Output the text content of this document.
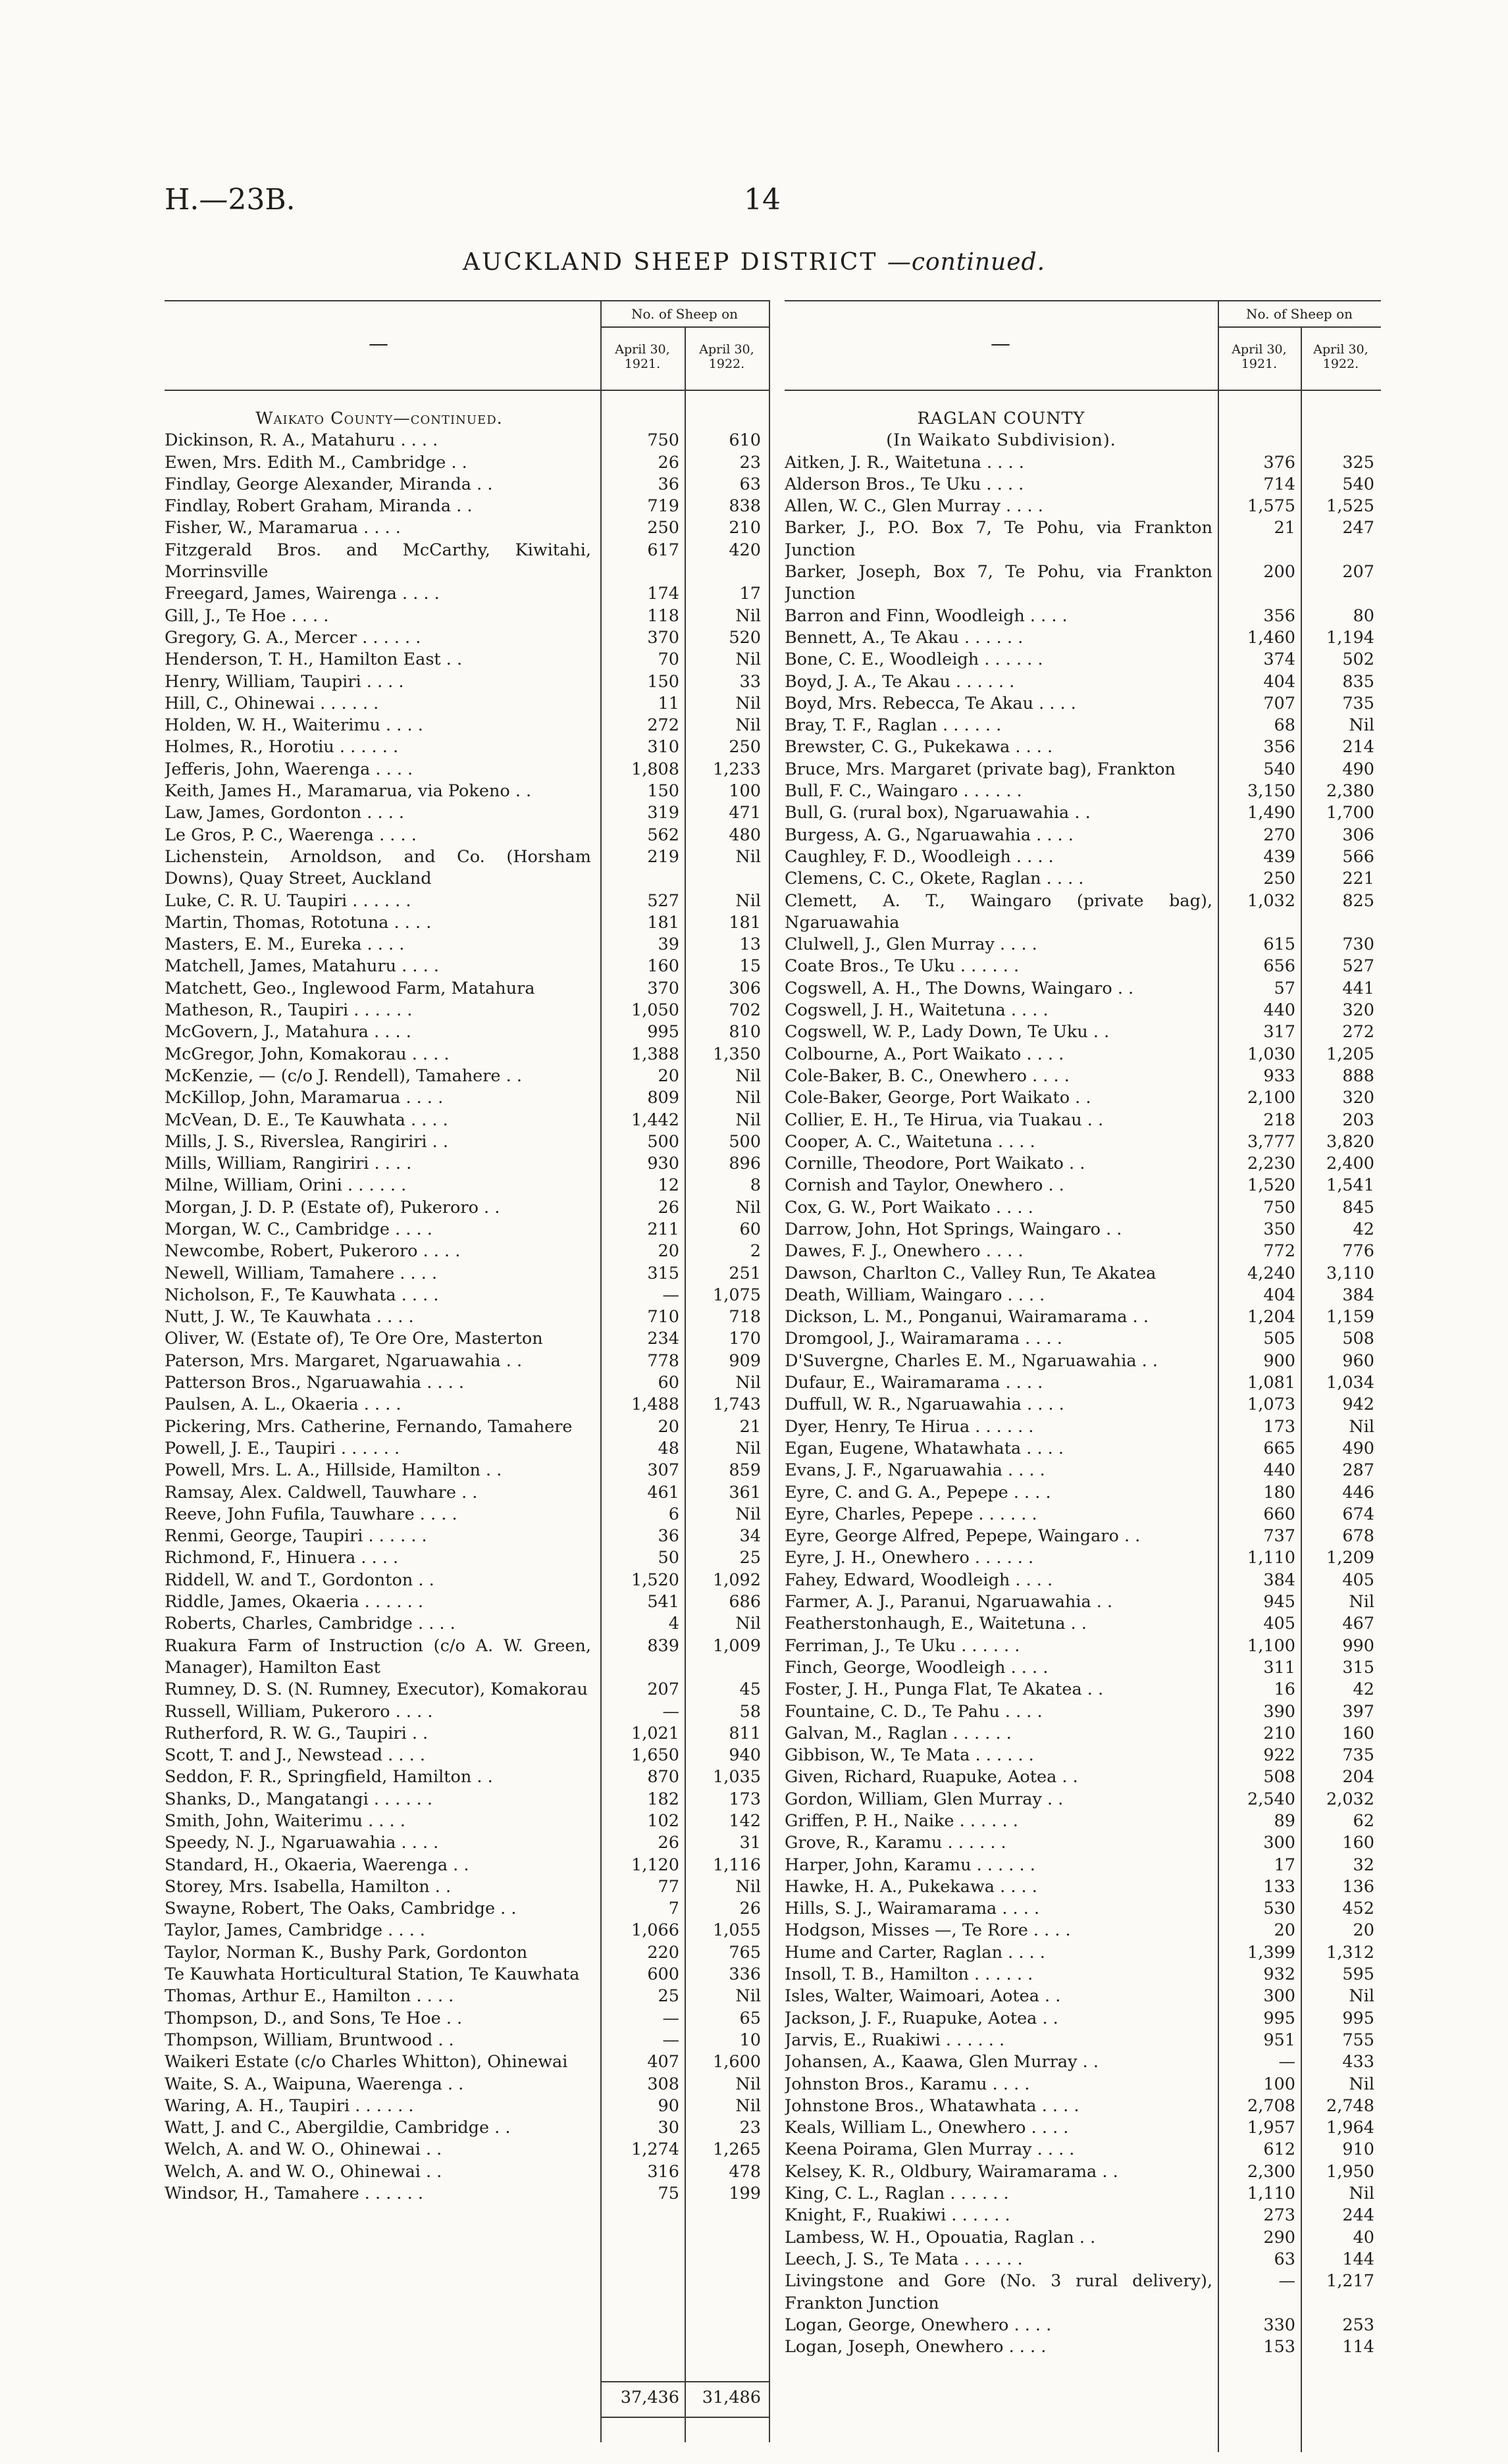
H.—23B.	14
AUCKLAND SHEEP DISTRICT —continued.
—
No. of Sheep on
April 30,
1921.
April 30,
1922.
—
No. of Sheep on
April 30,
1921.
April 30,
1922.
Waikato County—continued.
Dickinson, R. A., Matahuru . . . .	750	610
Ewen, Mrs. Edith M., Cambridge . .	26	23
Findlay, George Alexander, Miranda . .	36	63
Findlay, Robert Graham, Miranda . .	719	838
Fisher, W., Maramarua . . . .	250	210
Fitzgerald Bros. and McCarthy, Kiwitahi, Morrinsville
617	420
Freegard, James, Wairenga . . . .	174	17
Gill, J., Te Hoe . . . .	118	Nil
Gregory, G. A., Mercer . . . . . .	370	520
Henderson, T. H., Hamilton East . .	70	Nil
Henry, William, Taupiri . . . .	150	33
Hill, C., Ohinewai . . . . . .	11	Nil
Holden, W. H., Waiterimu . . . .	272	Nil
Holmes, R., Horotiu . . . . . .	310	250
Jefferis, John, Waerenga . . . .	1,808	1,233
Keith, James H., Maramarua, via Pokeno . .	150	100
Law, James, Gordonton . . . .	319	471
Le Gros, P. C., Waerenga . . . .	562	480
Lichenstein, Arnoldson, and Co. (Horsham Downs), Quay Street, Auckland
219	Nil
Luke, C. R. U. Taupiri . . . . . .	527	Nil
Martin, Thomas, Rototuna . . . .	181	181
Masters, E. M., Eureka . . . .	39	13
Matchell, James, Matahuru . . . .	160	15
Matchett, Geo., Inglewood Farm, Matahura	370	306
Matheson, R., Taupiri . . . . . .	1,050	702
McGovern, J., Matahura . . . .	995	810
McGregor, John, Komakorau . . . .	1,388	1,350
McKenzie, — (c/o J. Rendell), Tamahere . .	20	Nil
McKillop, John, Maramarua . . . .	809	Nil
McVean, D. E., Te Kauwhata . . . .	1,442	Nil
Mills, J. S., Riverslea, Rangiriri . .	500	500
Mills, William, Rangiriri . . . .	930	896
Milne, William, Orini . . . . . .	12	8
Morgan, J. D. P. (Estate of), Pukeroro . .	26	Nil
Morgan, W. C., Cambridge . . . .	211	60
Newcombe, Robert, Pukeroro . . . .	20	2
Newell, William, Tamahere . . . .	315	251
Nicholson, F., Te Kauwhata . . . .	—	1,075
Nutt, J. W., Te Kauwhata . . . .	710	718
Oliver, W. (Estate of), Te Ore Ore, Masterton	234	170
Paterson, Mrs. Margaret, Ngaruawahia . .	778	909
Patterson Bros., Ngaruawahia . . . .	60	Nil
Paulsen, A. L., Okaeria . . . .	1,488	1,743
Pickering, Mrs. Catherine, Fernando, Tamahere	20	21
Powell, J. E., Taupiri . . . . . .	48	Nil
Powell, Mrs. L. A., Hillside, Hamilton . .	307	859
Ramsay, Alex. Caldwell, Tauwhare . .	461	361
Reeve, John Fufila, Tauwhare . . . .	6	Nil
Renmi, George, Taupiri . . . . . .	36	34
Richmond, F., Hinuera . . . .	50	25
Riddell, W. and T., Gordonton . .	1,520	1,092
Riddle, James, Okaeria . . . . . .	541	686
Roberts, Charles, Cambridge . . . .	4	Nil
Ruakura Farm of Instruction (c/o A. W. Green, Manager), Hamilton East
839	1,009
Rumney, D. S. (N. Rumney, Executor), Komakorau	207	45
Russell, William, Pukeroro . . . .	—	58
Rutherford, R. W. G., Taupiri . .	1,021	811
Scott, T. and J., Newstead . . . .	1,650	940
Seddon, F. R., Springfield, Hamilton . .	870	1,035
Shanks, D., Mangatangi . . . . . .	182	173
Smith, John, Waiterimu . . . .	102	142
Speedy, N. J., Ngaruawahia . . . .	26	31
Standard, H., Okaeria, Waerenga . .	1,120	1,116
Storey, Mrs. Isabella, Hamilton . .	77	Nil
Swayne, Robert, The Oaks, Cambridge . .	7	26
Taylor, James, Cambridge . . . .	1,066	1,055
Taylor, Norman K., Bushy Park, Gordonton	220	765
Te Kauwhata Horticultural Station, Te Kauwhata	600	336
Thomas, Arthur E., Hamilton . . . .	25	Nil
Thompson, D., and Sons, Te Hoe . .	—	65
Thompson, William, Bruntwood . .	—	10
Waikeri Estate (c/o Charles Whitton), Ohinewai	407	1,600
Waite, S. A., Waipuna, Waerenga . .	308	Nil
Waring, A. H., Taupiri . . . . . .	90	Nil
Watt, J. and C., Abergildie, Cambridge . .	30	23
Welch, A. and W. O., Ohinewai . .	1,274	1,265
Welch, A. and W. O., Ohinewai . .	316	478
Windsor, H., Tamahere . . . . . .	75	199
37,436	31,486
RAGLAN COUNTY
(In Waikato Subdivision).
Aitken, J. R., Waitetuna . . . .	376	325
Alderson Bros., Te Uku . . . .	714	540
Allen, W. C., Glen Murray . . . .	1,575	1,525
Barker, J., P.O. Box 7, Te Pohu, via Frankton Junction
21	247
Barker, Joseph, Box 7, Te Pohu, via Frankton Junction
200	207
Barron and Finn, Woodleigh . . . .	356	80
Bennett, A., Te Akau . . . . . .	1,460	1,194
Bone, C. E., Woodleigh . . . . . .	374	502
Boyd, J. A., Te Akau . . . . . .	404	835
Boyd, Mrs. Rebecca, Te Akau . . . .	707	735
Bray, T. F., Raglan . . . . . .	68	Nil
Brewster, C. G., Pukekawa . . . .	356	214
Bruce, Mrs. Margaret (private bag), Frankton	540	490
Bull, F. C., Waingaro . . . . . .	3,150	2,380
Bull, G. (rural box), Ngaruawahia . .	1,490	1,700
Burgess, A. G., Ngaruawahia . . . .	270	306
Caughley, F. D., Woodleigh . . . .	439	566
Clemens, C. C., Okete, Raglan . . . .	250	221
Clemett, A. T., Waingaro (private bag), Ngaruawahia
1,032	825
Clulwell, J., Glen Murray . . . .	615	730
Coate Bros., Te Uku . . . . . .	656	527
Cogswell, A. H., The Downs, Waingaro . .	57	441
Cogswell, J. H., Waitetuna . . . .	440	320
Cogswell, W. P., Lady Down, Te Uku . .	317	272
Colbourne, A., Port Waikato . . . .	1,030	1,205
Cole-Baker, B. C., Onewhero . . . .	933	888
Cole-Baker, George, Port Waikato . .	2,100	320
Collier, E. H., Te Hirua, via Tuakau . .	218	203
Cooper, A. C., Waitetuna . . . .	3,777	3,820
Cornille, Theodore, Port Waikato . .	2,230	2,400
Cornish and Taylor, Onewhero . .	1,520	1,541
Cox, G. W., Port Waikato . . . .	750	845
Darrow, John, Hot Springs, Waingaro . .	350	42
Dawes, F. J., Onewhero . . . .	772	776
Dawson, Charlton C., Valley Run, Te Akatea	4,240	3,110
Death, William, Waingaro . . . .	404	384
Dickson, L. M., Ponganui, Wairamarama . .	1,204	1,159
Dromgool, J., Wairamarama . . . .	505	508
D'Suvergne, Charles E. M., Ngaruawahia . .	900	960
Dufaur, E., Wairamarama . . . .	1,081	1,034
Duffull, W. R., Ngaruawahia . . . .	1,073	942
Dyer, Henry, Te Hirua . . . . . .	173	Nil
Egan, Eugene, Whatawhata . . . .	665	490
Evans, J. F., Ngaruawahia . . . .	440	287
Eyre, C. and G. A., Pepepe . . . .	180	446
Eyre, Charles, Pepepe . . . . . .	660	674
Eyre, George Alfred, Pepepe, Waingaro . .	737	678
Eyre, J. H., Onewhero . . . . . .	1,110	1,209
Fahey, Edward, Woodleigh . . . .	384	405
Farmer, A. J., Paranui, Ngaruawahia . .	945	Nil
Featherstonhaugh, E., Waitetuna . .	405	467
Ferriman, J., Te Uku . . . . . .	1,100	990
Finch, George, Woodleigh . . . .	311	315
Foster, J. H., Punga Flat, Te Akatea . .	16	42
Fountaine, C. D., Te Pahu . . . .	390	397
Galvan, M., Raglan . . . . . .	210	160
Gibbison, W., Te Mata . . . . . .	922	735
Given, Richard, Ruapuke, Aotea . .	508	204
Gordon, William, Glen Murray . .	2,540	2,032
Griffen, P. H., Naike . . . . . .	89	62
Grove, R., Karamu . . . . . .	300	160
Harper, John, Karamu . . . . . .	17	32
Hawke, H. A., Pukekawa . . . .	133	136
Hills, S. J., Wairamarama . . . .	530	452
Hodgson, Misses —, Te Rore . . . .	20	20
Hume and Carter, Raglan . . . .	1,399	1,312
Insoll, T. B., Hamilton . . . . . .	932	595
Isles, Walter, Waimoari, Aotea . .	300	Nil
Jackson, J. F., Ruapuke, Aotea . .	995	995
Jarvis, E., Ruakiwi . . . . . .	951	755
Johansen, A., Kaawa, Glen Murray . .	—	433
Johnston Bros., Karamu . . . .	100	Nil
Johnstone Bros., Whatawhata . . . .	2,708	2,748
Keals, William L., Onewhero . . . .	1,957	1,964
Keena Poirama, Glen Murray . . . .	612	910
Kelsey, K. R., Oldbury, Wairamarama . .	2,300	1,950
King, C. L., Raglan . . . . . .	1,110	Nil
Knight, F., Ruakiwi . . . . . .	273	244
Lambess, W. H., Opouatia, Raglan . .	290	40
Leech, J. S., Te Mata . . . . . .	63	144
Livingstone and Gore (No. 3 rural delivery), Frankton Junction
—	1,217
Logan, George, Onewhero . . . .	330	253
Logan, Joseph, Onewhero . . . .	153	114
